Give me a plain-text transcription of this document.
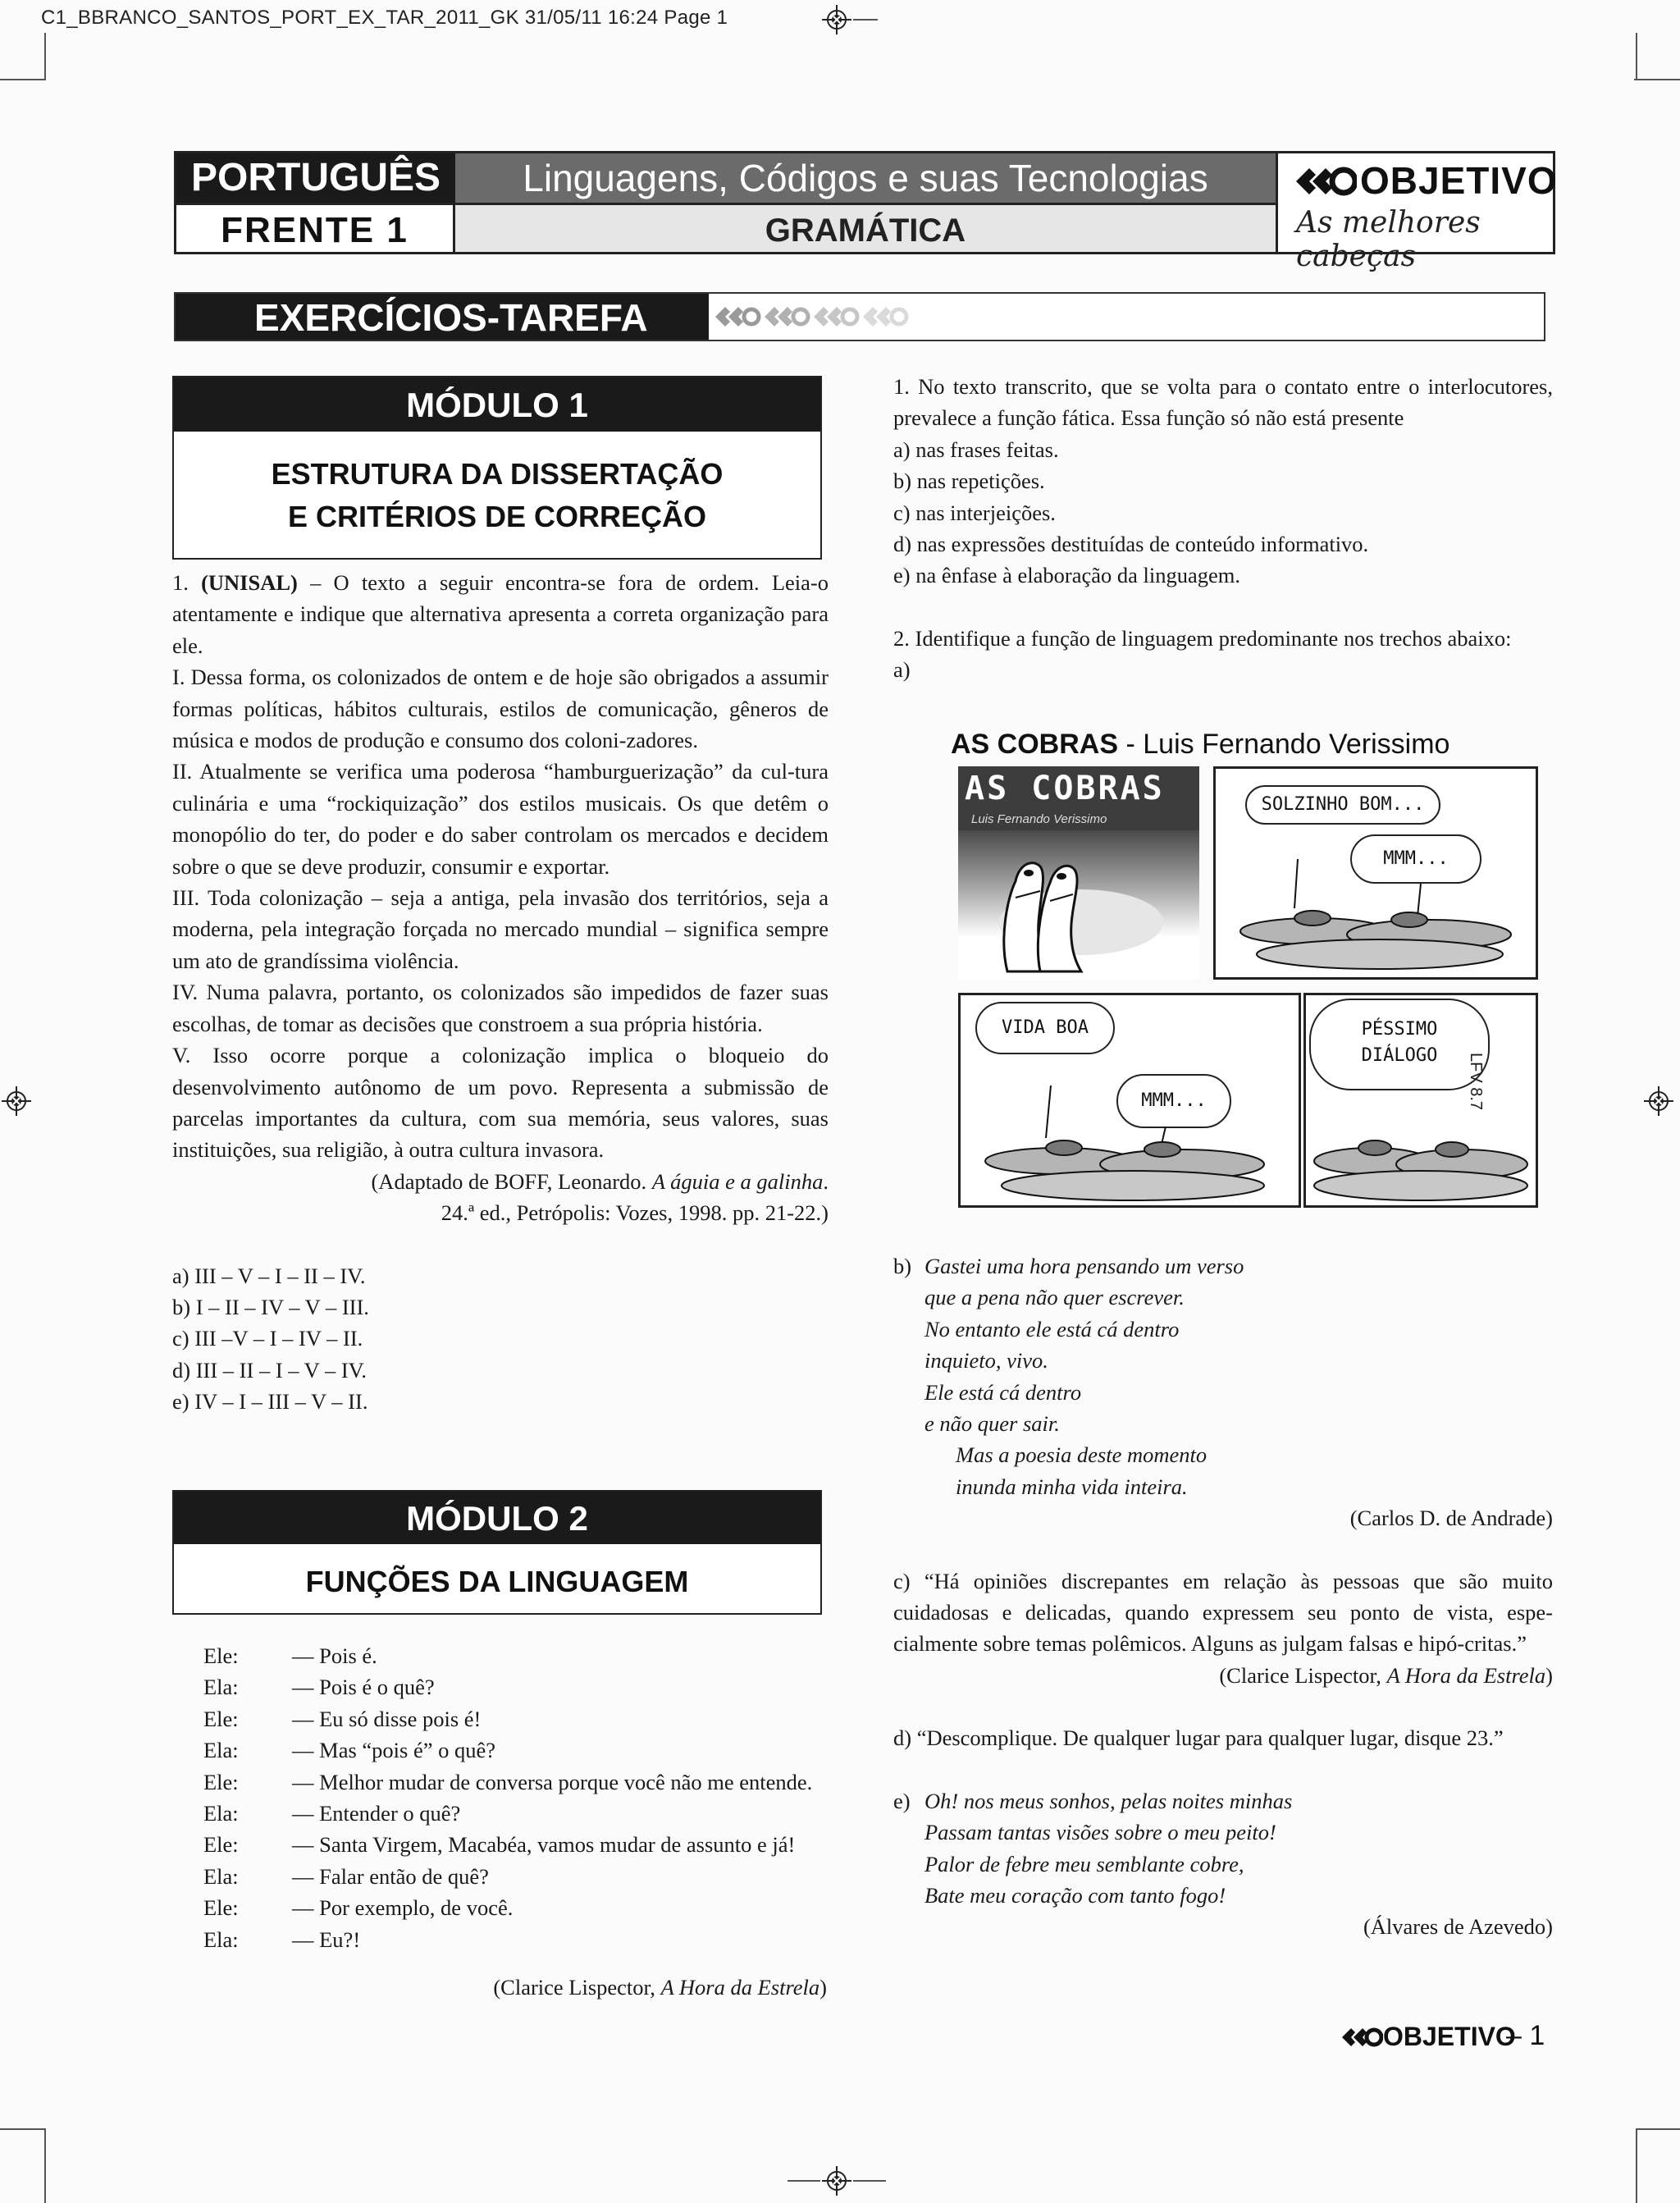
C1_BBRANCO_SANTOS_PORT_EX_TAR_2011_GK 31/05/11 16:24 Page 1
PORTUGUÊS
FRENTE 1
Linguagens, Códigos e suas Tecnologias
GRAMÁTICA
OBJETIVO
As melhores cabeças
EXERCÍCIOS-TAREFA
MÓDULO 1
ESTRUTURA DA DISSERTAÇÃO
E CRITÉRIOS DE CORREÇÃO

1. (UNISAL) – O texto a seguir encontra-se fora de ordem. Leia-o atentamente e indique que alternativa apresenta a correta organização para ele.

I. Dessa forma, os colonizados de ontem e de hoje são obrigados a assumir formas políticas, hábitos culturais, estilos de comunicação, gêneros de música e modos de produção e consumo dos coloni-zadores.

II. Atualmente se verifica uma poderosa “hamburguerização” da cul-tura culinária e uma “rockiquização” dos estilos musicais. Os que detêm o monopólio do ter, do poder e do saber controlam os mercados e decidem sobre o que se deve produzir, consumir e exportar.

III. Toda colonização – seja a antiga, pela invasão dos territórios, seja a moderna, pela integração forçada no mercado mundial – significa sempre um ato de grandíssima violência.

IV. Numa palavra, portanto, os colonizados são impedidos de fazer suas escolhas, de tomar as decisões que constroem a sua própria história.

V. Isso ocorre porque a colonização implica o bloqueio do desenvolvimento autônomo de um povo. Representa a submissão de parcelas importantes da cultura, com sua memória, seus valores, suas instituições, sua religião, à outra cultura invasora.

(Adaptado de BOFF, Leonardo. A águia e a galinha.

24.ª ed., Petrópolis: Vozes, 1998. pp. 21-22.)

a) III – V – I – II – IV.

b) I – II – IV – V – III.

c) III –V – I – IV – II.

d) III – II – I – V – IV.

e) IV – I – III – V – II.

MÓDULO 2
FUNÇÕES DA LINGUAGEM
Ele:	— Pois é.
Ela:	— Pois é o quê?
Ele:	— Eu só disse pois é!
Ela:	— Mas “pois é” o quê?
Ele:	— Melhor mudar de conversa porque você não me entende.
Ela:	— Entender o quê?
Ele:	— Santa Virgem, Macabéa, vamos mudar de assunto e já!
Ela:	— Falar então de quê?
Ele:	— Por exemplo, de você.
Ela:	— Eu?!
(Clarice Lispector, A Hora da Estrela)

1. No texto transcrito, que se volta para o contato entre o interlocutores, prevalece a função fática. Essa função só não está presente

a) nas frases feitas.

b) nas repetições.

c) nas interjeições.

d) nas expressões destituídas de conteúdo informativo.

e) na ênfase à elaboração da linguagem.

2. Identifique a função de linguagem predominante nos trechos abaixo:

a)

AS COBRAS - Luis Fernando Verissimo
AS COBRAS
Luis Fernando Verissimo
SOLZINHO BOM...
MMM...
VIDA BOA
MMM...
PÉSSIMO
DIÁLOGO	LFV 8.7
b) Gastei uma hora pensando um verso

que a pena não quer escrever.

No entanto ele está cá dentro

inquieto, vivo.

Ele está cá dentro

e não quer sair.

Mas a poesia deste momento

inunda minha vida inteira.

(Carlos D. de Andrade)

c) “Há opiniões discrepantes em relação às pessoas que são muito cuidadosas e delicadas, quando expressem seu ponto de vista, espe-cialmente sobre temas polêmicos. Alguns as julgam falsas e hipó-critas.”

(Clarice Lispector, A Hora da Estrela)

d) “Descomplique. De qualquer lugar para qualquer lugar, disque 23.”

e) Oh! nos meus sonhos, pelas noites minhas

Passam tantas visões sobre o meu peito!

Palor de febre meu semblante cobre,

Bate meu coração com tanto fogo!

(Álvares de Azevedo)

OBJETIVO
– 1
